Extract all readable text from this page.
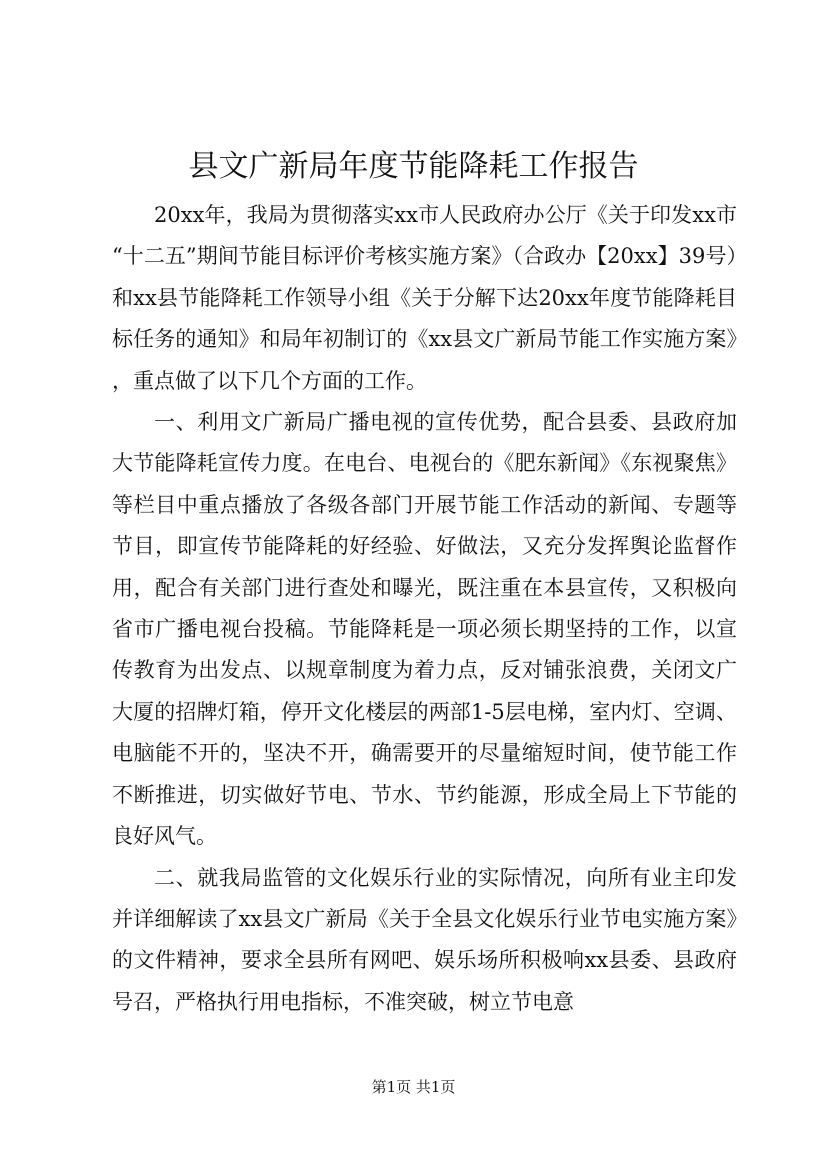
县文广新局年度节能降耗工作报告

20xx年，我局为贯彻落实xx市人民政府办公厅《关于印发xx市“十二五”期间节能目标评价考核实施方案》（合政办【20xx】39号）和xx县节能降耗工作领导小组《关于分解下达20xx年度节能降耗目标任务的通知》和局年初制订的《xx县文广新局节能工作实施方案》，重点做了以下几个方面的工作。

一、利用文广新局广播电视的宣传优势，配合县委、县政府加大节能降耗宣传力度。在电台、电视台的《肥东新闻》《东视聚焦》等栏目中重点播放了各级各部门开展节能工作活动的新闻、专题等节目，即宣传节能降耗的好经验、好做法，又充分发挥舆论监督作用，配合有关部门进行查处和曝光，既注重在本县宣传，又积极向省市广播电视台投稿。节能降耗是一项必须长期坚持的工作，以宣传教育为出发点、以规章制度为着力点，反对铺张浪费，关闭文广大厦的招牌灯箱，停开文化楼层的两部1-5层电梯，室内灯、空调、电脑能不开的，坚决不开，确需要开的尽量缩短时间，使节能工作不断推进，切实做好节电、节水、节约能源，形成全局上下节能的良好风气。

二、就我局监管的文化娱乐行业的实际情况，向所有业主印发并详细解读了xx县文广新局《关于全县文化娱乐行业节电实施方案》的文件精神，要求全县所有网吧、娱乐场所积极响xx县委、县政府号召，严格执行用电指标，不准突破，树立节电意

第1页 共1页
